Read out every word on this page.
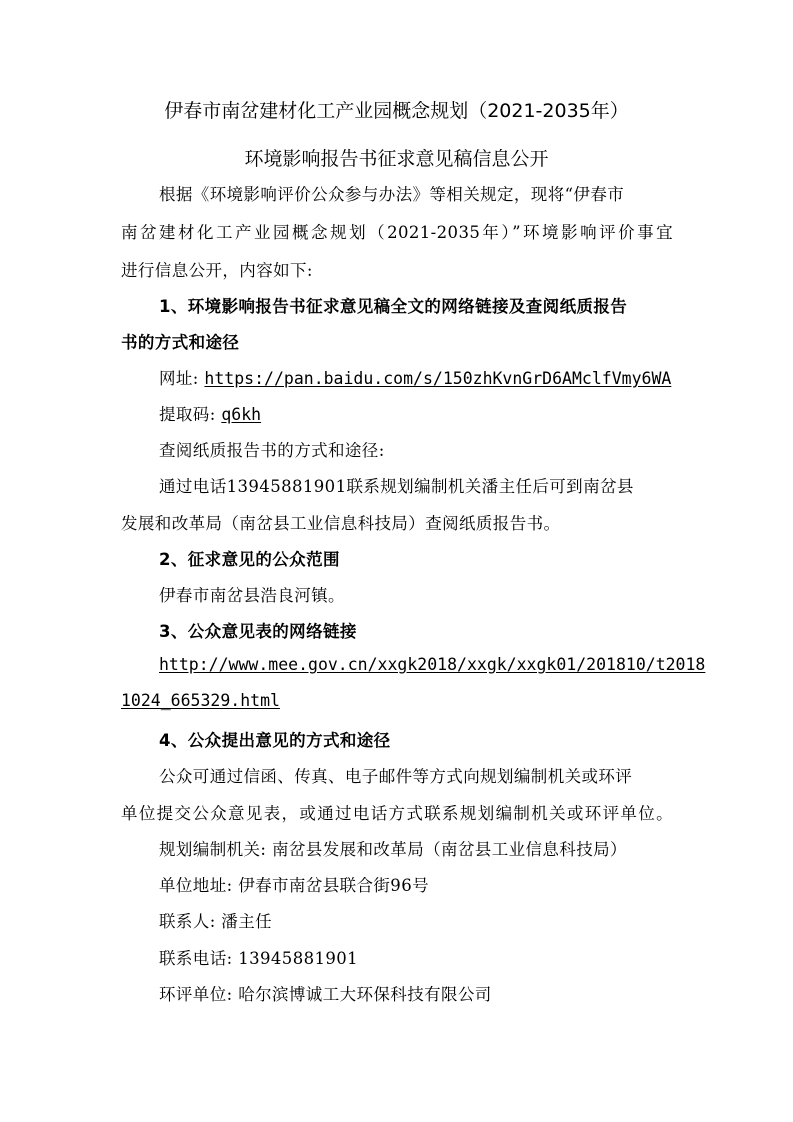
伊春市南岔建材化工产业园概念规划（2021-2035年）
环境影响报告书征求意见稿信息公开
根据《环境影响评价公众参与办法》等相关规定，现将“伊春市
南岔建材化工产业园概念规划（2021-2035年）”环境影响评价事宜
进行信息公开，内容如下:
1、环境影响报告书征求意见稿全文的网络链接及查阅纸质报告
书的方式和途径
网址: https://pan.baidu.com/s/150zhKvnGrD6AMclfVmy6WA
提取码: q6kh
查阅纸质报告书的方式和途径:
通过电话13945881901联系规划编制机关潘主任后可到南岔县
发展和改革局（南岔县工业信息科技局）查阅纸质报告书。
2、征求意见的公众范围
伊春市南岔县浩良河镇。
3、公众意见表的网络链接
http://www.mee.gov.cn/xxgk2018/xxgk/xxgk01/201810/t2018
1024_665329.html
4、公众提出意见的方式和途径
公众可通过信函、传真、电子邮件等方式向规划编制机关或环评
单位提交公众意见表，或通过电话方式联系规划编制机关或环评单位。
规划编制机关: 南岔县发展和改革局（南岔县工业信息科技局）
单位地址: 伊春市南岔县联合街96号
联系人: 潘主任
联系电话: 13945881901
环评单位: 哈尔滨博诚工大环保科技有限公司
